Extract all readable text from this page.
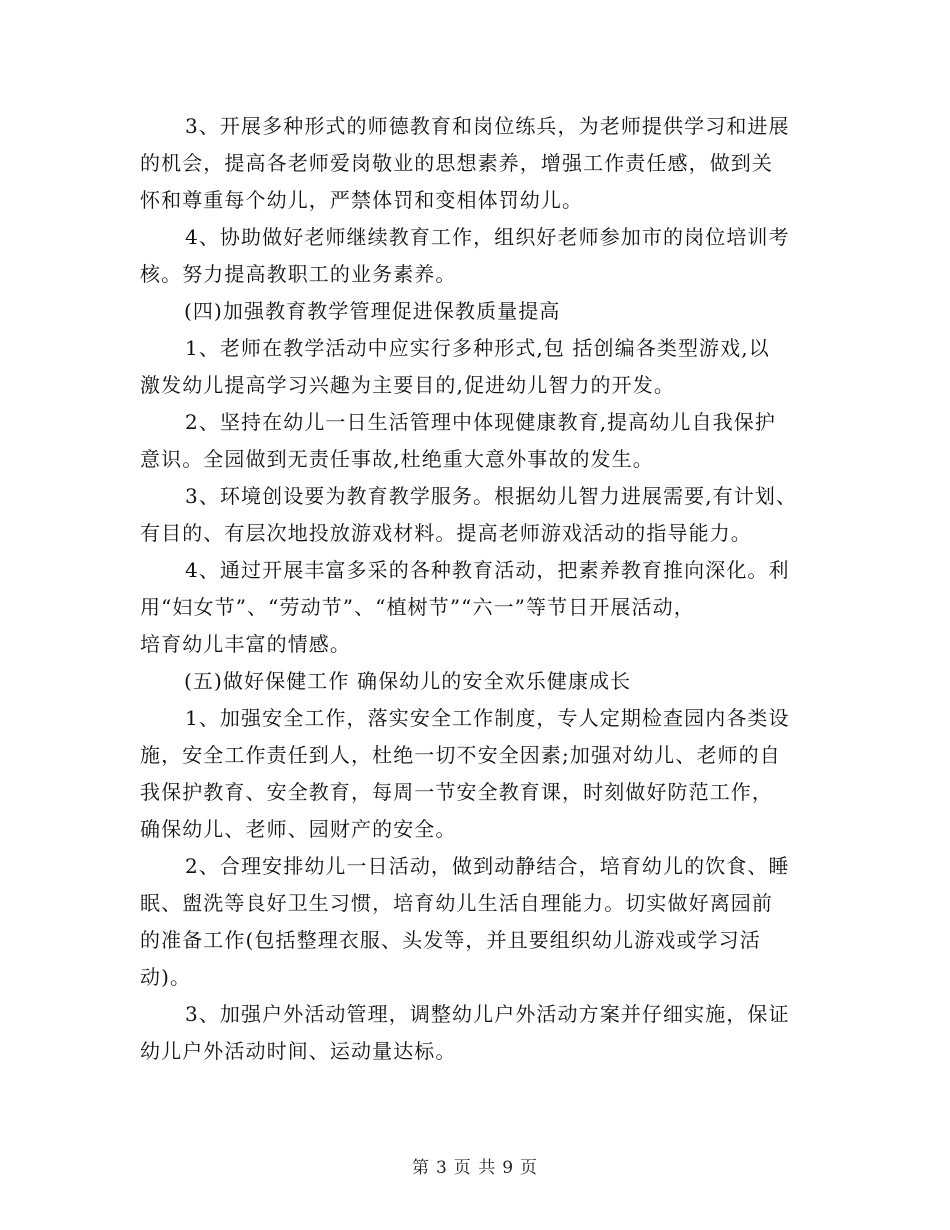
3、开展多种形式的师德教育和岗位练兵，为老师提供学习和进展
的机会，提高各老师爱岗敬业的思想素养，增强工作责任感，做到关
怀和尊重每个幼儿，严禁体罚和变相体罚幼儿。

4、协助做好老师继续教育工作，组织好老师参加市的岗位培训考
核。努力提高教职工的业务素养。

(四)加强教育教学管理促进保教质量提高

1、老师在教学活动中应实行多种形式,包 括创编各类型游戏,以
激发幼儿提高学习兴趣为主要目的,促进幼儿智力的开发。

2、坚持在幼儿一日生活管理中体现健康教育,提高幼儿自我保护
意识。全园做到无责任事故,杜绝重大意外事故的发生。

3、环境创设要为教育教学服务。根据幼儿智力进展需要,有计划、
有目的、有层次地投放游戏材料。提高老师游戏活动的指导能力。

4、通过开展丰富多采的各种教育活动，把素养教育推向深化。利
用“妇女节”、“劳动节”、“植树节”“六一”等节日开展活动，
培育幼儿丰富的情感。

(五)做好保健工作 确保幼儿的安全欢乐健康成长

1、加强安全工作，落实安全工作制度，专人定期检查园内各类设
施，安全工作责任到人，杜绝一切不安全因素;加强对幼儿、老师的自
我保护教育、安全教育，每周一节安全教育课，时刻做好防范工作，
确保幼儿、老师、园财产的安全。

2、合理安排幼儿一日活动，做到动静结合，培育幼儿的饮食、睡
眠、盥洗等良好卫生习惯，培育幼儿生活自理能力。切实做好离园前
的准备工作(包括整理衣服、头发等，并且要组织幼儿游戏或学习活
动)。

3、加强户外活动管理，调整幼儿户外活动方案并仔细实施，保证
幼儿户外活动时间、运动量达标。

第 3 页 共 9 页
